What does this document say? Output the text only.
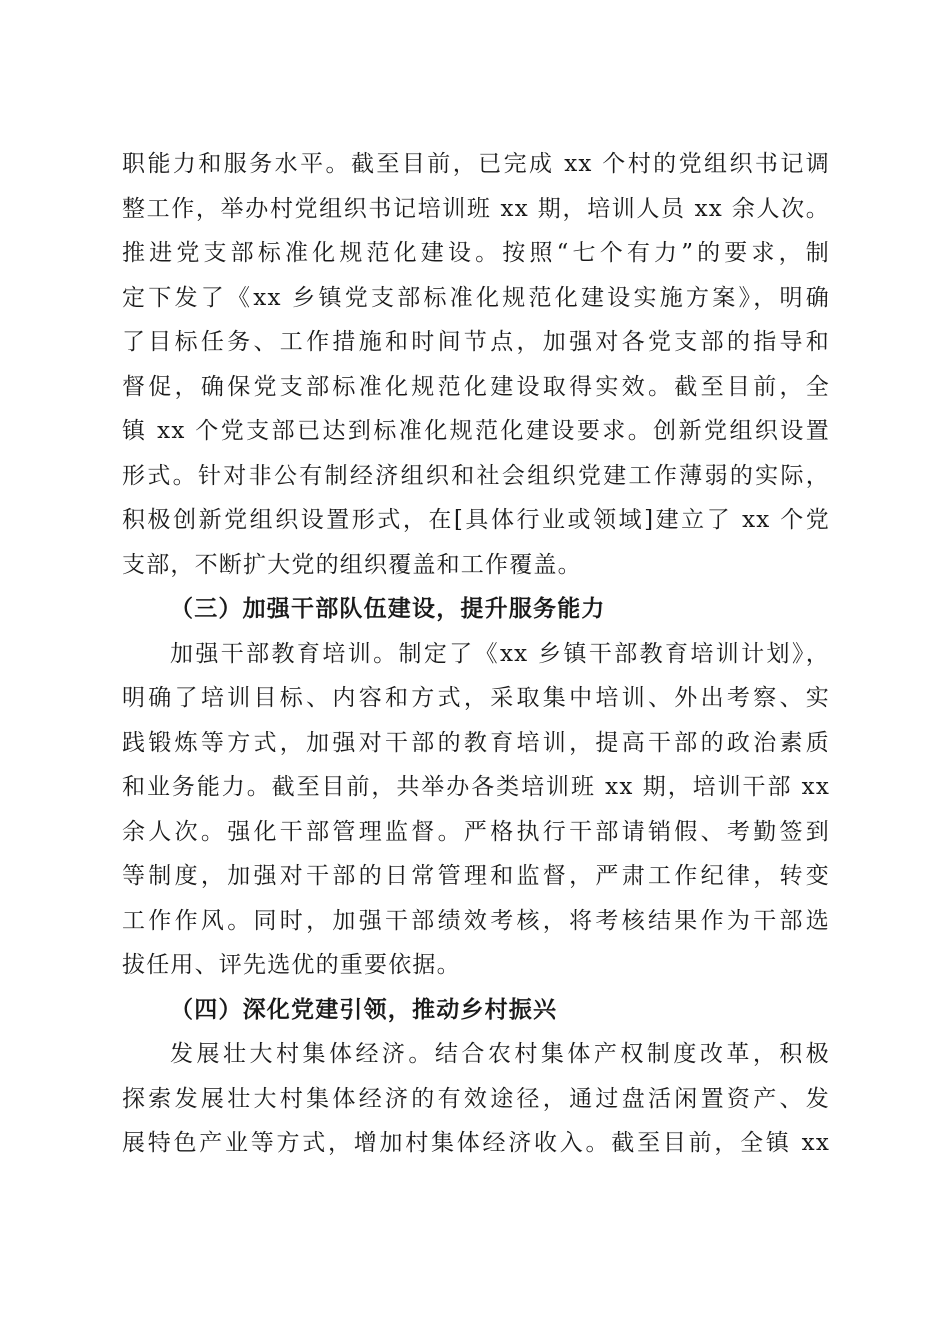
职能力和服务水平。截至目前，已完成 xx 个村的党组织书记调
整工作，举办村党组织书记培训班 xx 期，培训人员 xx 余人次。
推进党支部标准化规范化建设。按照“七个有力”的要求，制
定下发了《xx 乡镇党支部标准化规范化建设实施方案》，明确
了目标任务、工作措施和时间节点，加强对各党支部的指导和
督促，确保党支部标准化规范化建设取得实效。截至目前，全
镇 xx 个党支部已达到标准化规范化建设要求。创新党组织设置
形式。针对非公有制经济组织和社会组织党建工作薄弱的实际，
积极创新党组织设置形式，在[具体行业或领域]建立了 xx 个党
支部，不断扩大党的组织覆盖和工作覆盖。
（三）加强干部队伍建设，提升服务能力
加强干部教育培训。制定了《xx 乡镇干部教育培训计划》，
明确了培训目标、内容和方式，采取集中培训、外出考察、实
践锻炼等方式，加强对干部的教育培训，提高干部的政治素质
和业务能力。截至目前，共举办各类培训班 xx 期，培训干部 xx
余人次。强化干部管理监督。严格执行干部请销假、考勤签到
等制度，加强对干部的日常管理和监督，严肃工作纪律，转变
工作作风。同时，加强干部绩效考核，将考核结果作为干部选
拔任用、评先选优的重要依据。
（四）深化党建引领，推动乡村振兴
发展壮大村集体经济。结合农村集体产权制度改革，积极
探索发展壮大村集体经济的有效途径，通过盘活闲置资产、发
展特色产业等方式，增加村集体经济收入。截至目前，全镇 xx
